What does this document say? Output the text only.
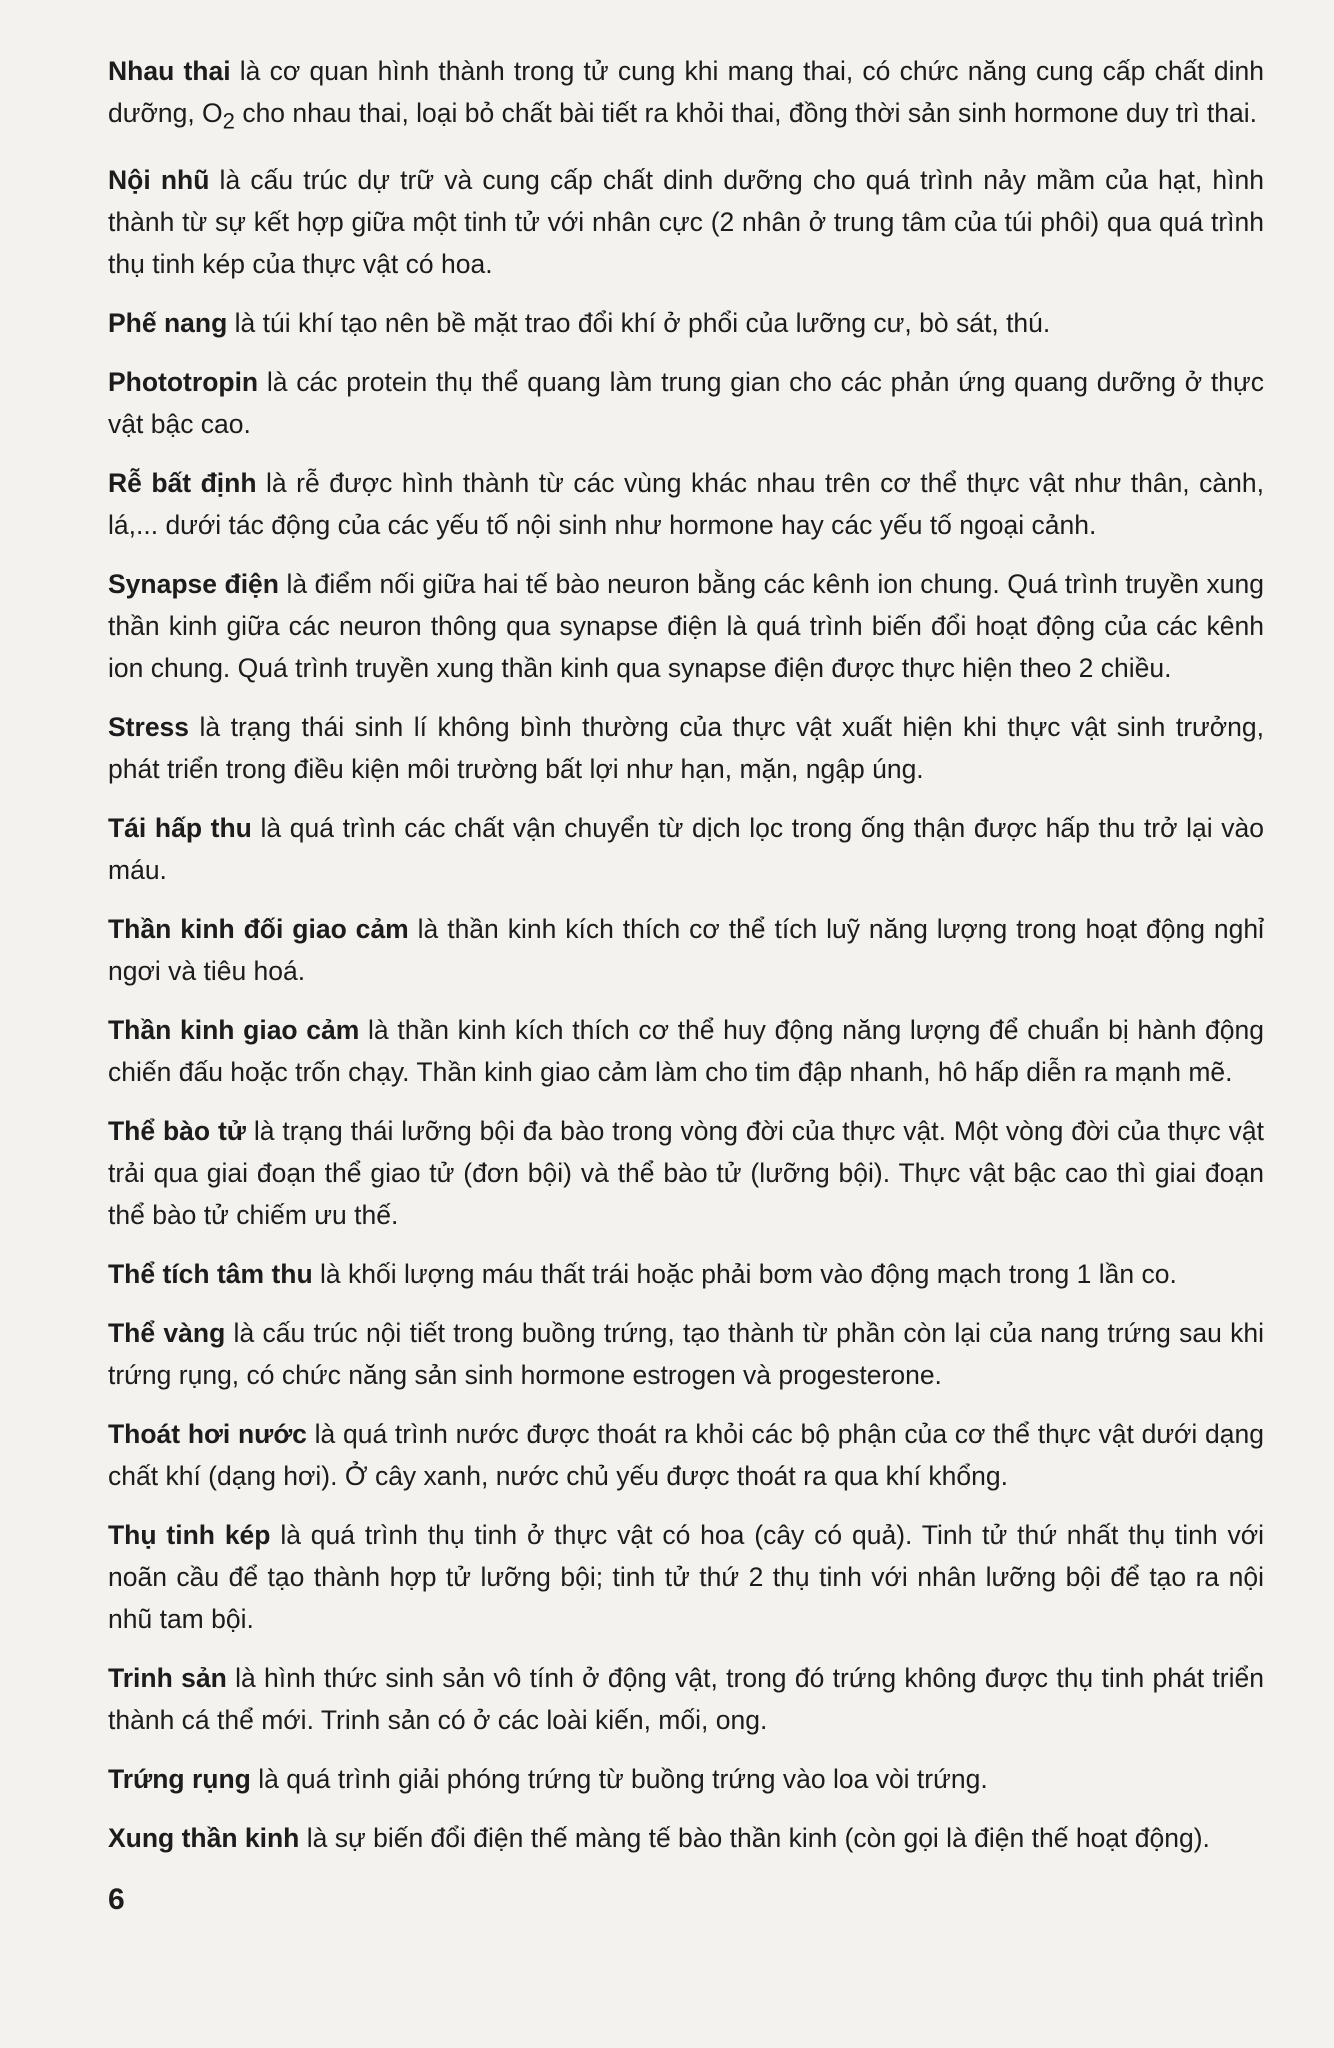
Nhau thai là cơ quan hình thành trong tử cung khi mang thai, có chức năng cung cấp chất dinh dưỡng, $O_2$ cho nhau thai, loại bỏ chất bài tiết ra khỏi thai, đồng thời sản sinh hormone duy trì thai.

Nội nhũ là cấu trúc dự trữ và cung cấp chất dinh dưỡng cho quá trình nảy mầm của hạt, hình thành từ sự kết hợp giữa một tinh tử với nhân cực (2 nhân ở trung tâm của túi phôi) qua quá trình thụ tinh kép của thực vật có hoa.

Phế nang là túi khí tạo nên bề mặt trao đổi khí ở phổi của lưỡng cư, bò sát, thú.

Phototropin là các protein thụ thể quang làm trung gian cho các phản ứng quang dưỡng ở thực vật bậc cao.

Rễ bất định là rễ được hình thành từ các vùng khác nhau trên cơ thể thực vật như thân, cành, lá,... dưới tác động của các yếu tố nội sinh như hormone hay các yếu tố ngoại cảnh.

Synapse điện là điểm nối giữa hai tế bào neuron bằng các kênh ion chung. Quá trình truyền xung thần kinh giữa các neuron thông qua synapse điện là quá trình biến đổi hoạt động của các kênh ion chung. Quá trình truyền xung thần kinh qua synapse điện được thực hiện theo 2 chiều.

Stress là trạng thái sinh lí không bình thường của thực vật xuất hiện khi thực vật sinh trưởng, phát triển trong điều kiện môi trường bất lợi như hạn, mặn, ngập úng.

Tái hấp thu là quá trình các chất vận chuyển từ dịch lọc trong ống thận được hấp thu trở lại vào máu.

Thần kinh đối giao cảm là thần kinh kích thích cơ thể tích luỹ năng lượng trong hoạt động nghỉ ngơi và tiêu hoá.

Thần kinh giao cảm là thần kinh kích thích cơ thể huy động năng lượng để chuẩn bị hành động chiến đấu hoặc trốn chạy. Thần kinh giao cảm làm cho tim đập nhanh, hô hấp diễn ra mạnh mẽ.

Thể bào tử là trạng thái lưỡng bội đa bào trong vòng đời của thực vật. Một vòng đời của thực vật trải qua giai đoạn thể giao tử (đơn bội) và thể bào tử (lưỡng bội). Thực vật bậc cao thì giai đoạn thể bào tử chiếm ưu thế.

Thể tích tâm thu là khối lượng máu thất trái hoặc phải bơm vào động mạch trong 1 lần co.

Thể vàng là cấu trúc nội tiết trong buồng trứng, tạo thành từ phần còn lại của nang trứng sau khi trứng rụng, có chức năng sản sinh hormone estrogen và progesterone.

Thoát hơi nước là quá trình nước được thoát ra khỏi các bộ phận của cơ thể thực vật dưới dạng chất khí (dạng hơi). Ở cây xanh, nước chủ yếu được thoát ra qua khí khổng.

Thụ tinh kép là quá trình thụ tinh ở thực vật có hoa (cây có quả). Tinh tử thứ nhất thụ tinh với noãn cầu để tạo thành hợp tử lưỡng bội; tinh tử thứ 2 thụ tinh với nhân lưỡng bội để tạo ra nội nhũ tam bội.

Trinh sản là hình thức sinh sản vô tính ở động vật, trong đó trứng không được thụ tinh phát triển thành cá thể mới. Trinh sản có ở các loài kiến, mối, ong.

Trứng rụng là quá trình giải phóng trứng từ buồng trứng vào loa vòi trứng.

Xung thần kinh là sự biến đổi điện thế màng tế bào thần kinh (còn gọi là điện thế hoạt động).

6
